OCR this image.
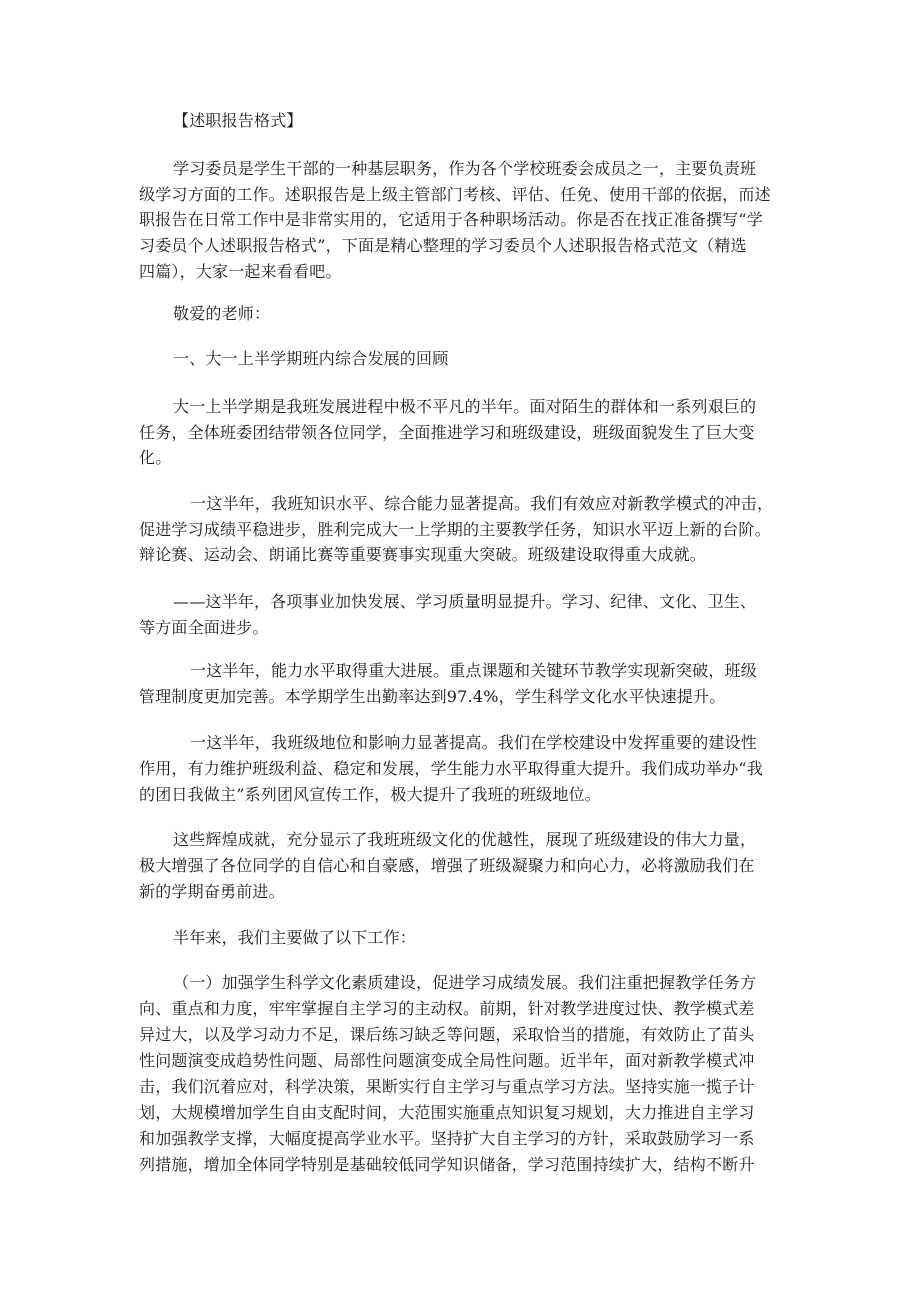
【述职报告格式】
学习委员是学生干部的一种基层职务，作为各个学校班委会成员之一，主要负责班
级学习方面的工作。述职报告是上级主管部门考核、评估、任免、使用干部的依据，而述
职报告在日常工作中是非常实用的，它适用于各种职场活动。你是否在找正准备撰写“学
习委员个人述职报告格式”，下面是精心整理的学习委员个人述职报告格式范文（精选
四篇），大家一起来看看吧。
敬爱的老师：
一、大一上半学期班内综合发展的回顾
大一上半学期是我班发展进程中极不平凡的半年。面对陌生的群体和一系列艰巨的
任务，全体班委团结带领各位同学，全面推进学习和班级建设，班级面貌发生了巨大变
化。
一这半年，我班知识水平、综合能力显著提高。我们有效应对新教学模式的冲击，
促进学习成绩平稳进步，胜利完成大一上学期的主要教学任务，知识水平迈上新的台阶。
辩论赛、运动会、朗诵比赛等重要赛事实现重大突破。班级建设取得重大成就。
——这半年，各项事业加快发展、学习质量明显提升。学习、纪律、文化、卫生、
等方面全面进步。
一这半年，能力水平取得重大进展。重点课题和关键环节教学实现新突破，班级
管理制度更加完善。本学期学生出勤率达到97.4%，学生科学文化水平快速提升。
一这半年，我班级地位和影响力显著提高。我们在学校建设中发挥重要的建设性
作用，有力维护班级利益、稳定和发展，学生能力水平取得重大提升。我们成功举办“我
的团日我做主”系列团风宣传工作，极大提升了我班的班级地位。
这些辉煌成就，充分显示了我班班级文化的优越性，展现了班级建设的伟大力量，
极大增强了各位同学的自信心和自豪感，增强了班级凝聚力和向心力，必将激励我们在
新的学期奋勇前进。
半年来，我们主要做了以下工作：
（一）加强学生科学文化素质建设，促进学习成绩发展。我们注重把握教学任务方
向、重点和力度，牢牢掌握自主学习的主动权。前期，针对教学进度过快、教学模式差
异过大，以及学习动力不足，课后练习缺乏等问题，采取恰当的措施，有效防止了苗头
性问题演变成趋势性问题、局部性问题演变成全局性问题。近半年，面对新教学模式冲
击，我们沉着应对，科学决策，果断实行自主学习与重点学习方法。坚持实施一揽子计
划，大规模增加学生自由支配时间，大范围实施重点知识复习规划，大力推进自主学习
和加强教学支撑，大幅度提高学业水平。坚持扩大自主学习的方针，采取鼓励学习一系
列措施，增加全体同学特别是基础较低同学知识储备，学习范围持续扩大，结构不断升
